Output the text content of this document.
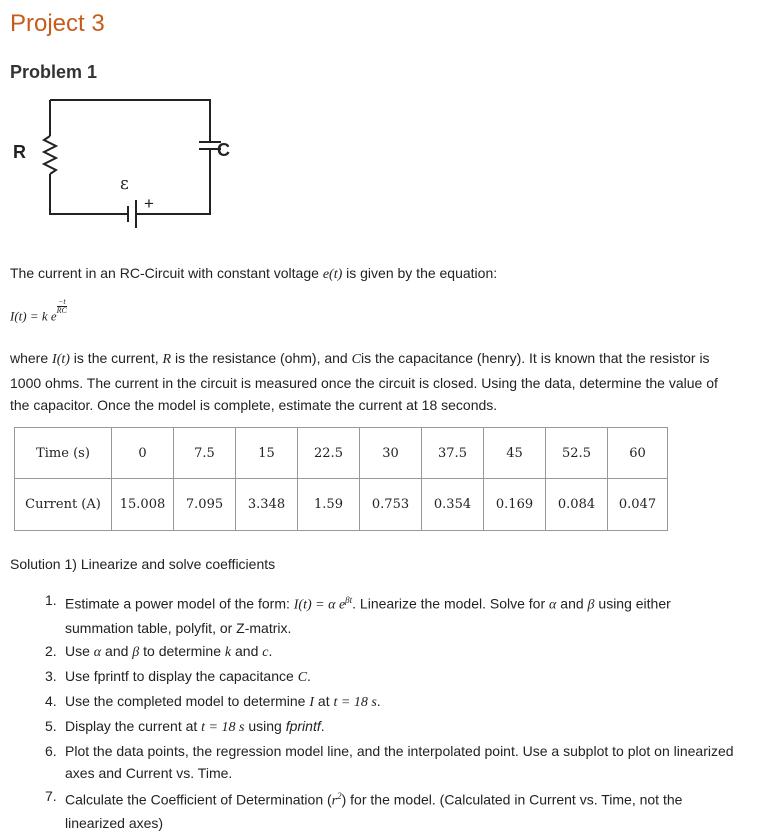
Project 3
Problem 1
R	C
ε
+
The current in an RC-Circuit with constant voltage e(t) is given by the equation:
I(t) = k e
$\frac{-t}{RC}$
where I(t) is the current, R is the resistance (ohm), and Cis the capacitance (henry). It is known that the resistor is 1000 ohms. The current in the circuit is measured once the circuit is closed. Using the data, determine the value of the capacitor. Once the model is complete, estimate the current at 18 seconds.
Time (s)	0	7.5	15	22.5	30	37.5	45	52.5	60
Current (A)	15.008	7.095	3.348	1.59	0.753	0.354	0.169	0.084	0.047
Solution 1) Linearize and solve coefficients
1. Estimate a power model of the form: I(t) = α $e^{\beta t}$. Linearize the model. Solve for α and β using either summation table, polyfit, or Z-matrix.
2. Use α and β to determine k and c.
3. Use fprintf to display the capacitance C.
4. Use the completed model to determine I at t = 18 s.
5. Display the current at t = 18 s using fprintf.
6. Plot the data points, the regression model line, and the interpolated point. Use a subplot to plot on linearized axes and Current vs. Time.
7. Calculate the Coefficient of Determination $(r^2)$ for the model. (Calculated in Current vs. Time, not the linearized axes)
